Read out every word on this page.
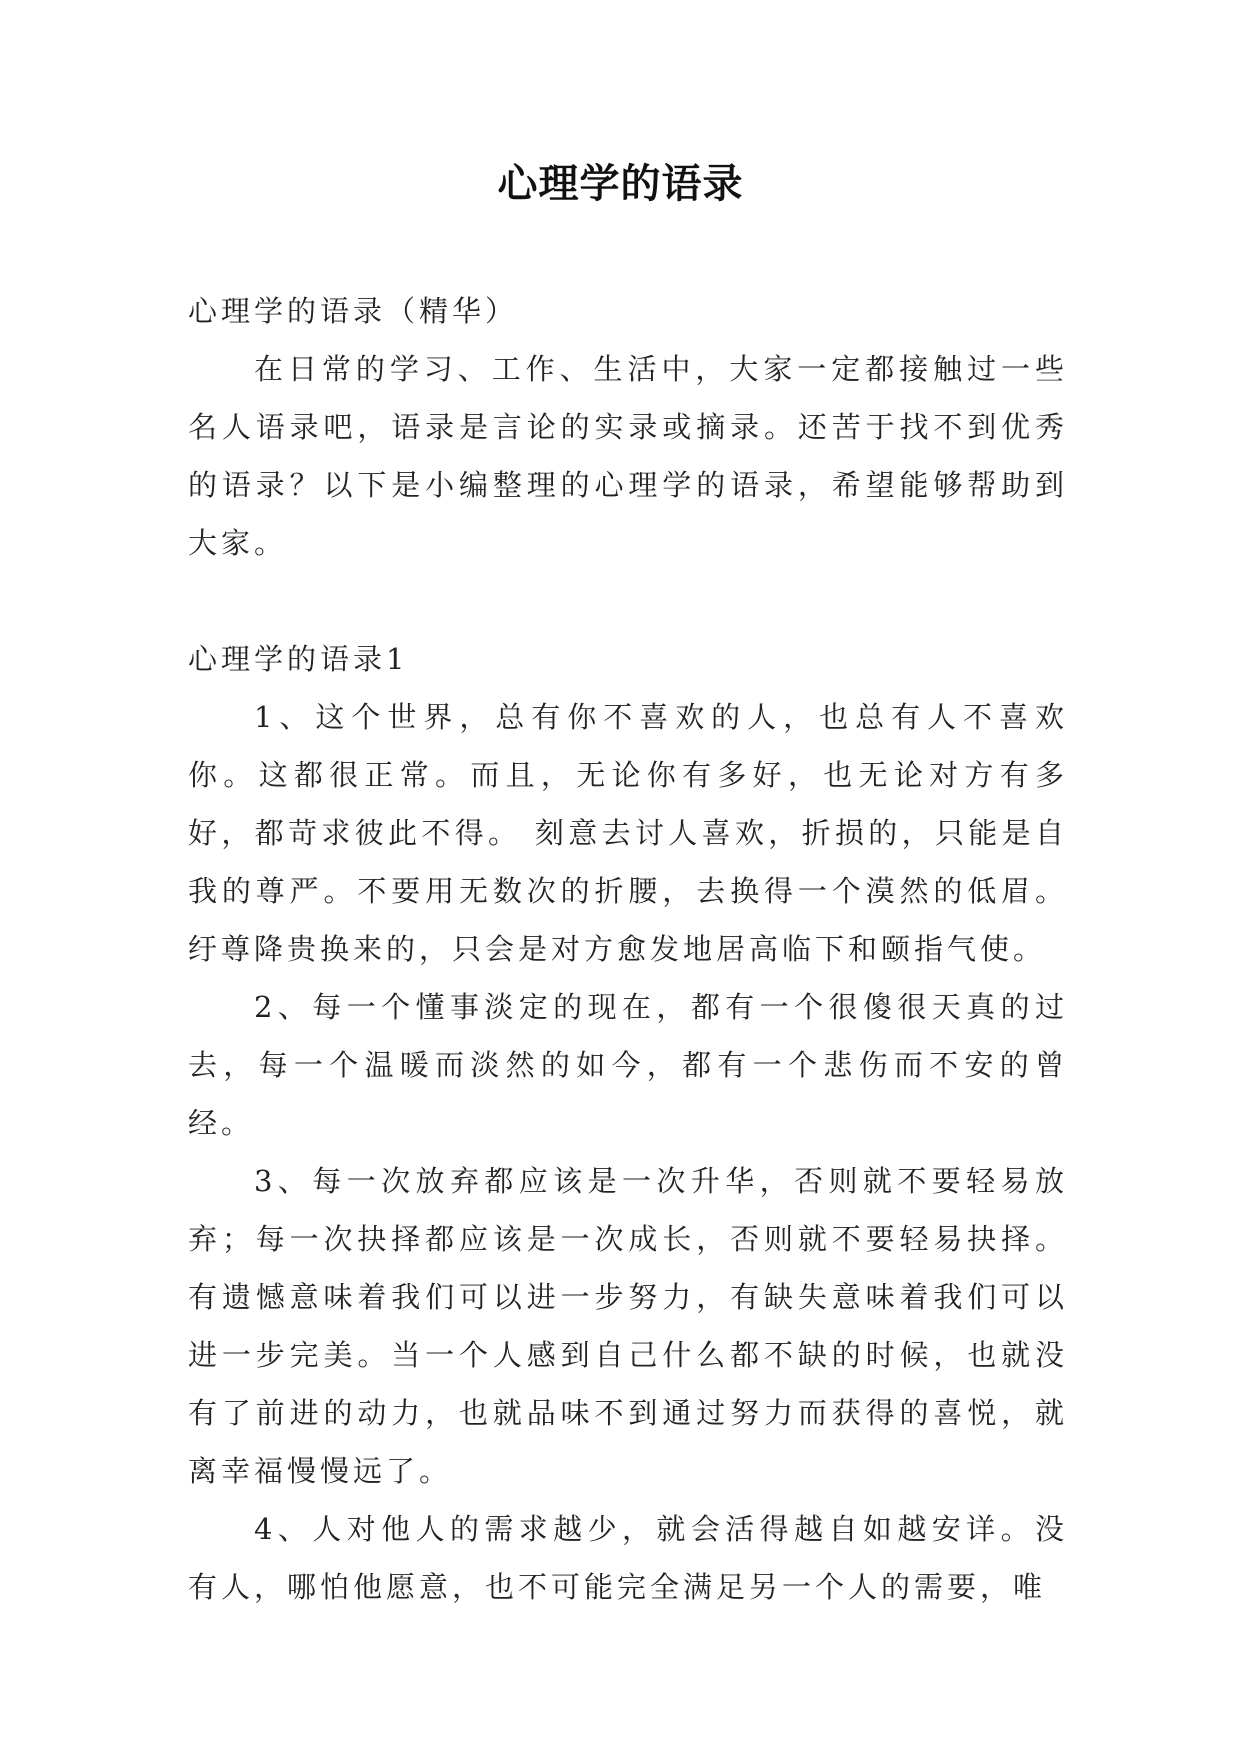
心理学的语录

心理学的语录（精华）

在日常的学习、工作、生活中，大家一定都接触过一些名人语录吧，语录是言论的实录或摘录。还苦于找不到优秀的语录？以下是小编整理的心理学的语录，希望能够帮助到大家。

心理学的语录1

1、这个世界，总有你不喜欢的人，也总有人不喜欢你。这都很正常。而且，无论你有多好，也无论对方有多好，都苛求彼此不得。 刻意去讨人喜欢，折损的，只能是自我的尊严。不要用无数次的折腰，去换得一个漠然的低眉。纡尊降贵换来的，只会是对方愈发地居高临下和颐指气使。

2、每一个懂事淡定的现在，都有一个很傻很天真的过去，每一个温暖而淡然的如今，都有一个悲伤而不安的曾经。

3、每一次放弃都应该是一次升华，否则就不要轻易放弃；每一次抉择都应该是一次成长，否则就不要轻易抉择。有遗憾意味着我们可以进一步努力，有缺失意味着我们可以进一步完美。当一个人感到自己什么都不缺的时候，也就没有了前进的动力，也就品味不到通过努力而获得的喜悦，就离幸福慢慢远了。

4、人对他人的需求越少，就会活得越自如越安详。没有人，哪怕他愿意，也不可能完全满足另一个人的需要，唯
